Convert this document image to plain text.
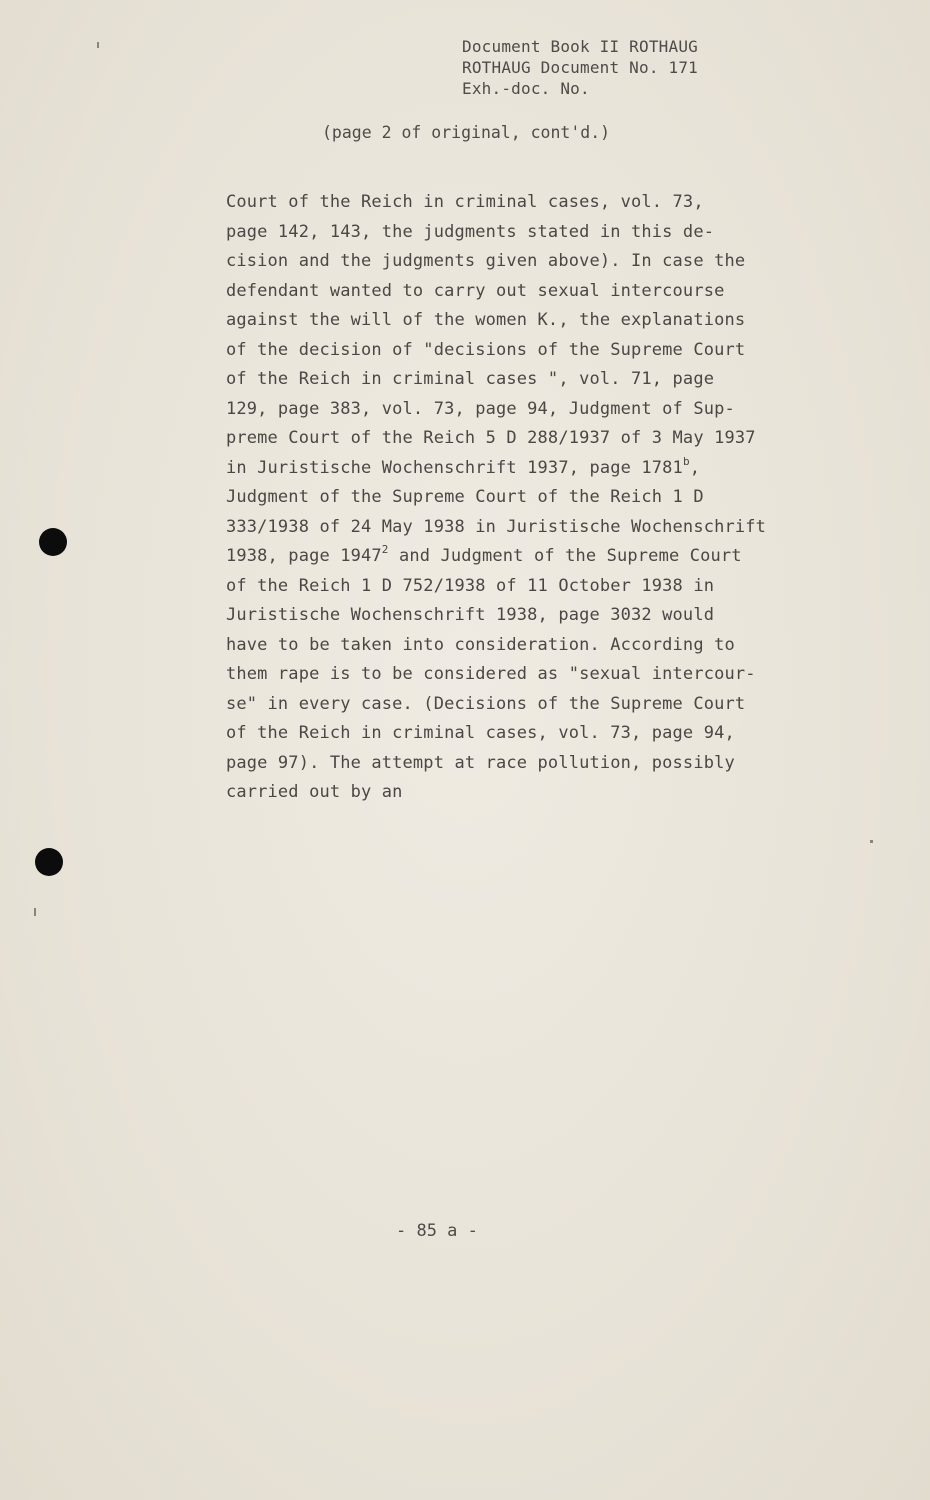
Document Book II ROTHAUG
ROTHAUG Document No. 171
Exh.-doc. No.
(page 2 of original, cont'd.)
Court of the Reich in criminal cases, vol. 73,
page 142, 143, the judgments stated in this de-
cision and the judgments given above). In case the
defendant wanted to carry out sexual intercourse
against the will of the women K., the explanations
of the decision of "decisions of the Supreme Court
of the Reich in criminal cases ", vol. 71, page
129, page 383, vol. 73, page 94, Judgment of Sup-
preme Court of the Reich 5 D 288/1937 of 3 May 1937
in Juristische Wochenschrift 1937, page 1781$^b$,
Judgment of the Supreme Court of the Reich 1 D
333/1938 of 24 May 1938 in Juristische Wochenschrift
1938, page 1947$^2$ and Judgment of the Supreme Court
of the Reich 1 D 752/1938 of 11 October 1938 in
Juristische Wochenschrift 1938, page 3032 would
have to be taken into consideration. According to
them rape is to be considered as "sexual intercour-
se" in every case. (Decisions of the Supreme Court
of the Reich in criminal cases, vol. 73, page 94,
page 97). The attempt at race pollution, possibly
carried out by an
- 85 a -
